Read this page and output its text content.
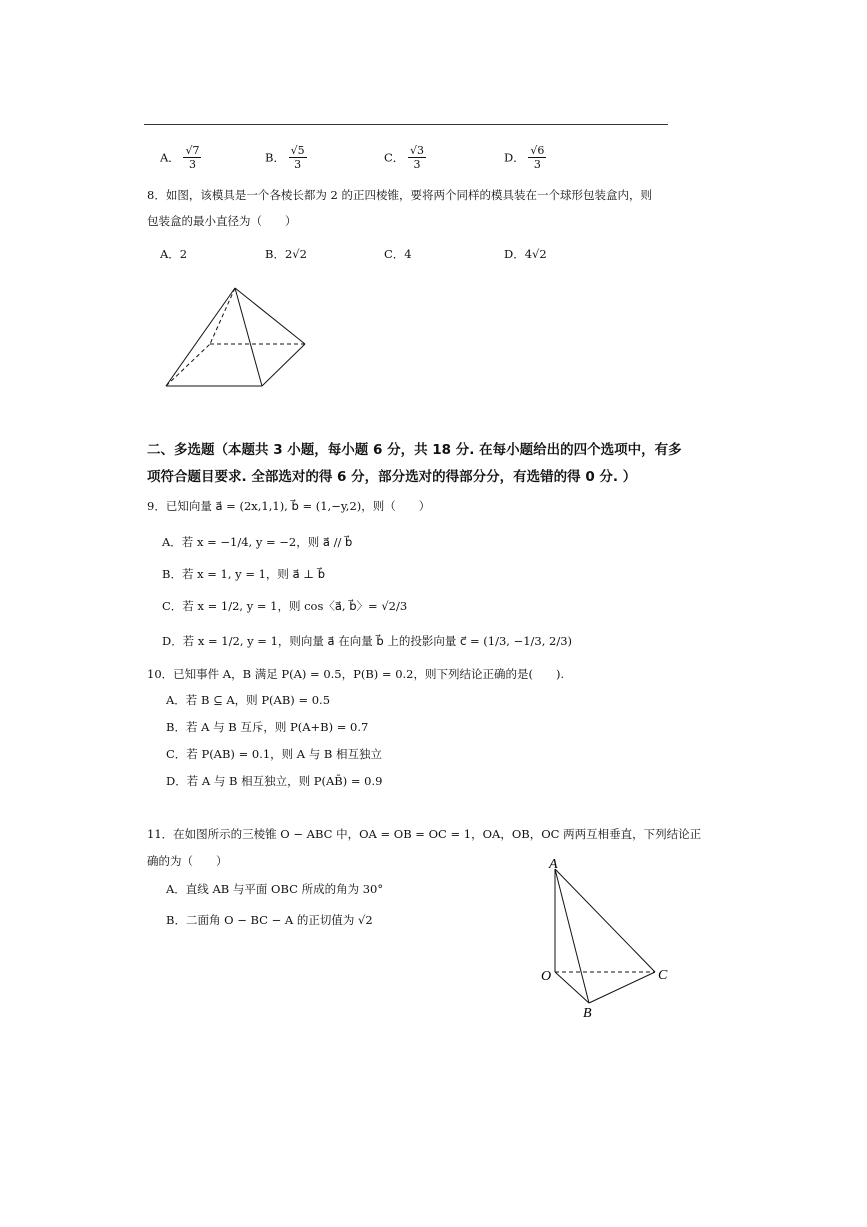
A． $\frac{√7}{3}$	B． $\frac{√5}{3}$	C． $\frac{√3}{3}$	D． $\frac{√6}{3}$
8．如图，该模具是一个各棱长都为 2 的正四棱锥，要将两个同样的模具装在一个球形包装盒内，则
包装盒的最小直径为（　　）
A．2	B．2√2	C．4	D．4√2
二、多选题（本题共 3 小题，每小题 6 分，共 18 分. 在每小题给出的四个选项中，有多
项符合题目要求. 全部选对的得 6 分，部分选对的得部分分，有选错的得 0 分. ）
9．已知向量 a⃗ = (2x,1,1), b⃗ = (1,−y,2)，则（　　）
A．若 x = −1/4, y = −2，则 a⃗ // b⃗
B．若 x = 1, y = 1，则 a⃗ ⊥ b⃗
C．若 x = 1/2, y = 1，则 cos〈a⃗, b⃗〉= √2/3
D．若 x = 1/2, y = 1，则向量 a⃗ 在向量 b⃗ 上的投影向量 c⃗ = (1/3, −1/3, 2/3)
10．已知事件 A，B 满足 P(A) = 0.5，P(B) = 0.2，则下列结论正确的是(　　).
A．若 B ⊆ A，则 P(AB) = 0.5
B．若 A 与 B 互斥，则 P(A+B) = 0.7
C．若 P(AB) = 0.1，则 A 与 B 相互独立
D．若 A 与 B 相互独立，则 P(AB̄) = 0.9
11．在如图所示的三棱锥 O − ABC 中，OA = OB = OC = 1，OA，OB，OC 两两互相垂直，下列结论正
确的为（　　）
A．直线 AB 与平面 OBC 所成的角为 30°
B．二面角 O − BC − A 的正切值为 √2
A
O	C
B
